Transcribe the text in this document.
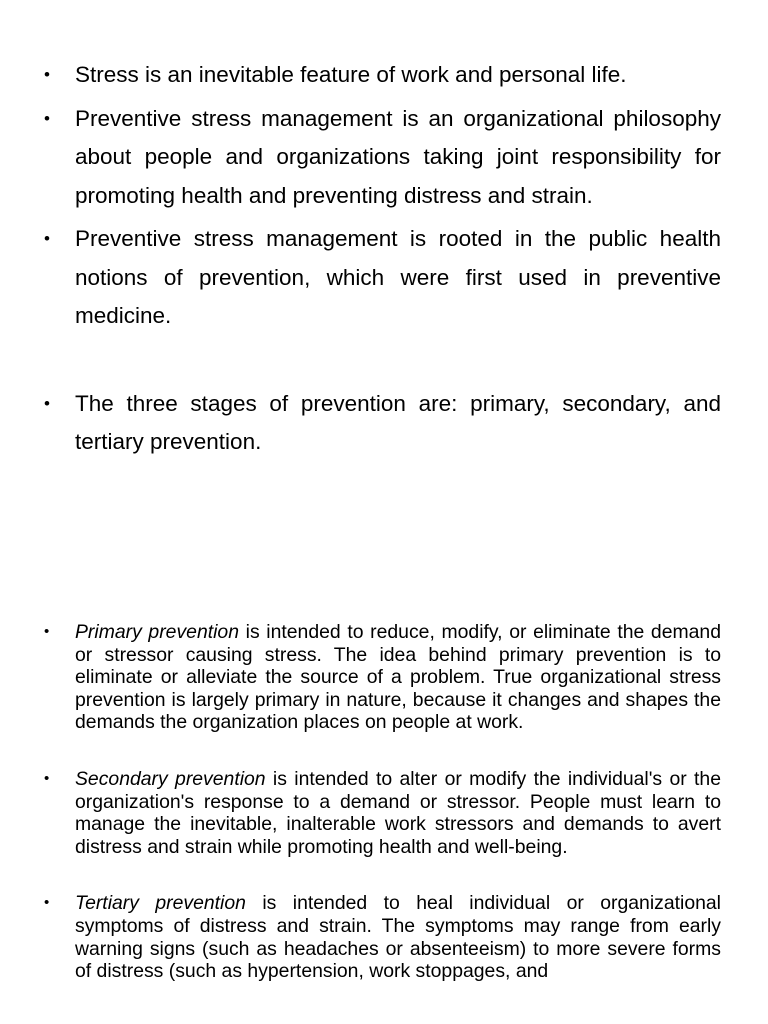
• Stress is an inevitable feature of work and personal life.
• Preventive stress management is an organizational philosophy about people and organizations taking joint responsibility for promoting health and preventing distress and strain.
• Preventive stress management is rooted in the public health notions of prevention, which were first used in preventive medicine.
• The three stages of prevention are: primary, secondary, and tertiary prevention.
• Primary prevention is intended to reduce, modify, or eliminate the demand or stressor causing stress. The idea behind primary prevention is to eliminate or alleviate the source of a problem. True organizational stress prevention is largely primary in nature, because it changes and shapes the demands the organization places on people at work.
• Secondary prevention is intended to alter or modify the individual's or the organization's response to a demand or stressor. People must learn to manage the inevitable, inalterable work stressors and demands to avert distress and strain while promoting health and well-being.
• Tertiary prevention is intended to heal individual or organizational symptoms of distress and strain. The symptoms may range from early warning signs (such as headaches or absenteeism) to more severe forms of distress (such as hypertension, work stoppages, and
